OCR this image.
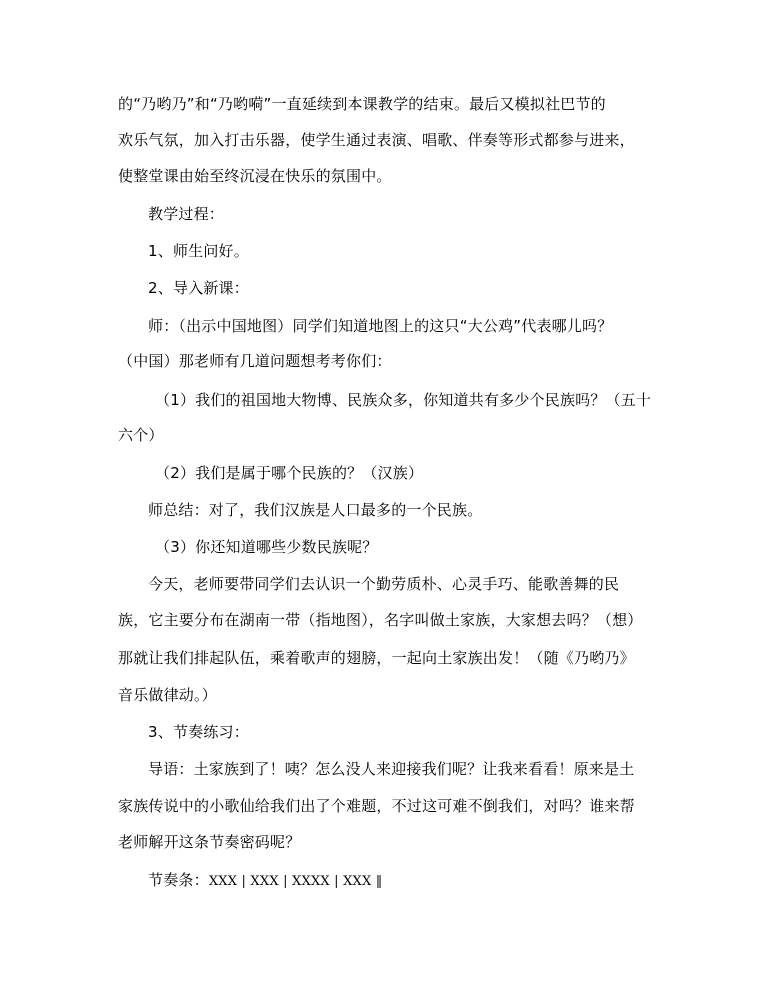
的“乃哟乃”和“乃哟嗬”一直延续到本课教学的结束。最后又模拟社巴节的
欢乐气氛，加入打击乐器，使学生通过表演、唱歌、伴奏等形式都参与进来，
使整堂课由始至终沉浸在快乐的氛围中。
教学过程：
1、师生问好。
2、导入新课：
师：（出示中国地图）同学们知道地图上的这只“大公鸡”代表哪儿吗？
（中国）那老师有几道问题想考考你们：
（1）我们的祖国地大物博、民族众多，你知道共有多少个民族吗？（五十
六个）
（2）我们是属于哪个民族的？（汉族）
师总结：对了，我们汉族是人口最多的一个民族。
（3）你还知道哪些少数民族呢？
今天，老师要带同学们去认识一个勤劳质朴、心灵手巧、能歌善舞的民
族，它主要分布在湖南一带（指地图），名字叫做土家族，大家想去吗？（想）
那就让我们排起队伍，乘着歌声的翅膀，一起向土家族出发！（随《乃哟乃》
音乐做律动。）
3、节奏练习：
导语：土家族到了！咦？怎么没人来迎接我们呢？让我来看看！原来是土
家族传说中的小歌仙给我们出了个难题，不过这可难不倒我们，对吗？谁来帮
老师解开这条节奏密码呢？
节奏条：XXX | XXX | XXXX | XXX ‖
